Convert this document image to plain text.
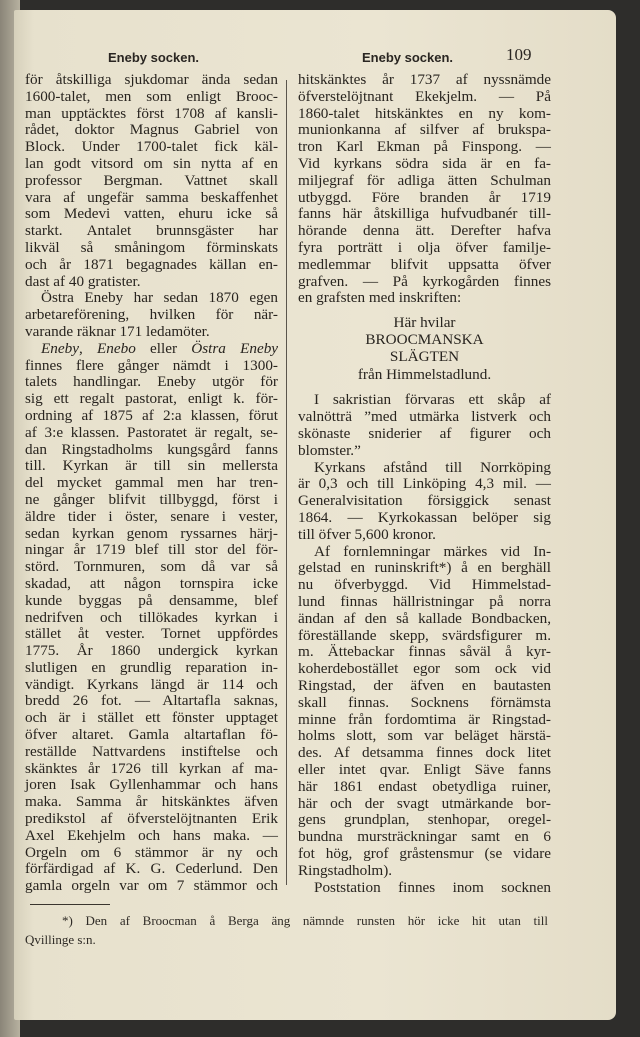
Eneby socken.	Eneby socken.	109
för åtskilliga sjukdomar ända sedan
1600-talet, men som enligt Brooc-
man upptäcktes först 1708 af kansli-
rådet, doktor Magnus Gabriel von
Block. Under 1700-talet fick käl-
lan godt vitsord om sin nytta af en
professor Bergman. Vattnet skall
vara af ungefär samma beskaffenhet
som Medevi vatten, ehuru icke så
starkt. Antalet brunnsgäster har
likväl så småningom förminskats
och år 1871 begagnades källan en-
dast af 40 gratister.
Östra Eneby har sedan 1870 egen
arbetareförening, hvilken för när-
varande räknar 171 ledamöter.
Eneby, Enebo eller Östra Eneby
finnes flere gånger nämdt i 1300-
talets handlingar. Eneby utgör för
sig ett regalt pastorat, enligt k. för-
ordning af 1875 af 2:a klassen, förut
af 3:e klassen. Pastoratet är regalt, se-
dan Ringstadholms kungsgård fanns
till. Kyrkan är till sin mellersta
del mycket gammal men har tren-
ne gånger blifvit tillbyggd, först i
äldre tider i öster, senare i vester,
sedan kyrkan genom ryssarnes härj-
ningar år 1719 blef till stor del för-
störd. Tornmuren, som då var så
skadad, att någon tornspira icke
kunde byggas på densamme, blef
nedrifven och tillökades kyrkan i
stället åt vester. Tornet uppfördes
1775. År 1860 undergick kyrkan
slutligen en grundlig reparation in-
vändigt. Kyrkans längd är 114 och
bredd 26 fot. — Altartafla saknas,
och är i stället ett fönster upptaget
öfver altaret. Gamla altartaflan fö-
reställde Nattvardens instiftelse och
skänktes år 1726 till kyrkan af ma-
joren Isak Gyllenhammar och hans
maka. Samma år hitskänktes äfven
predikstol af öfverstelöjtnanten Erik
Axel Ekehjelm och hans maka. —
Orgeln om 6 stämmor är ny och
förfärdigad af K. G. Cederlund. Den
gamla orgeln var om 7 stämmor och
hitskänktes år 1737 af nyssnämde
öfverstelöjtnant Ekekjelm. — På
1860-talet hitskänktes en ny kom-
munionkanna af silfver af brukspa-
tron Karl Ekman på Finspong. —
Vid kyrkans södra sida är en fa-
miljegraf för adliga ätten Schulman
utbyggd. Före branden år 1719
fanns här åtskilliga hufvudbanér till-
hörande denna ätt. Derefter hafva
fyra porträtt i olja öfver familje-
medlemmar blifvit uppsatta öfver
grafven. — På kyrkogården finnes
en grafsten med inskriften:
Här hvilar
BROOCMANSKA
SLÄGTEN
från Himmelstadlund.
I sakristian förvaras ett skåp af
valnötträ ”med utmärka listverk och
skönaste sniderier af figurer och
blomster.”
Kyrkans afstånd till Norrköping
är 0,3 och till Linköping 4,3 mil. —
Generalvisitation försiggick senast
1864. — Kyrkokassan belöper sig
till öfver 5,600 kronor.
Af fornlemningar märkes vid In-
gelstad en runinskrift*) å en berghäll
nu öfverbyggd. Vid Himmelstad-
lund finnas hällristningar på norra
ändan af den så kallade Bondbacken,
föreställande skepp, svärdsfigurer m.
m. Ättebackar finnas såväl å kyr-
koherdebostället egor som ock vid
Ringstad, der äfven en bautasten
skall finnas. Socknens förnämsta
minne från fordomtima är Ringstad-
holms slott, som var beläget härstä-
des. Af detsamma finnes dock litet
eller intet qvar. Enligt Säve fanns
här 1861 endast obetydliga ruiner,
här och der svagt utmärkande bor-
gens grundplan, stenhopar, oregel-
bundna mursträckningar samt en 6
fot hög, grof gråstensmur (se vidare
Ringstadholm).
Poststation finnes inom socknen
*) Den af Broocman å Berga äng nämnde runsten hör icke hit utan till
Qvillinge s:n.
